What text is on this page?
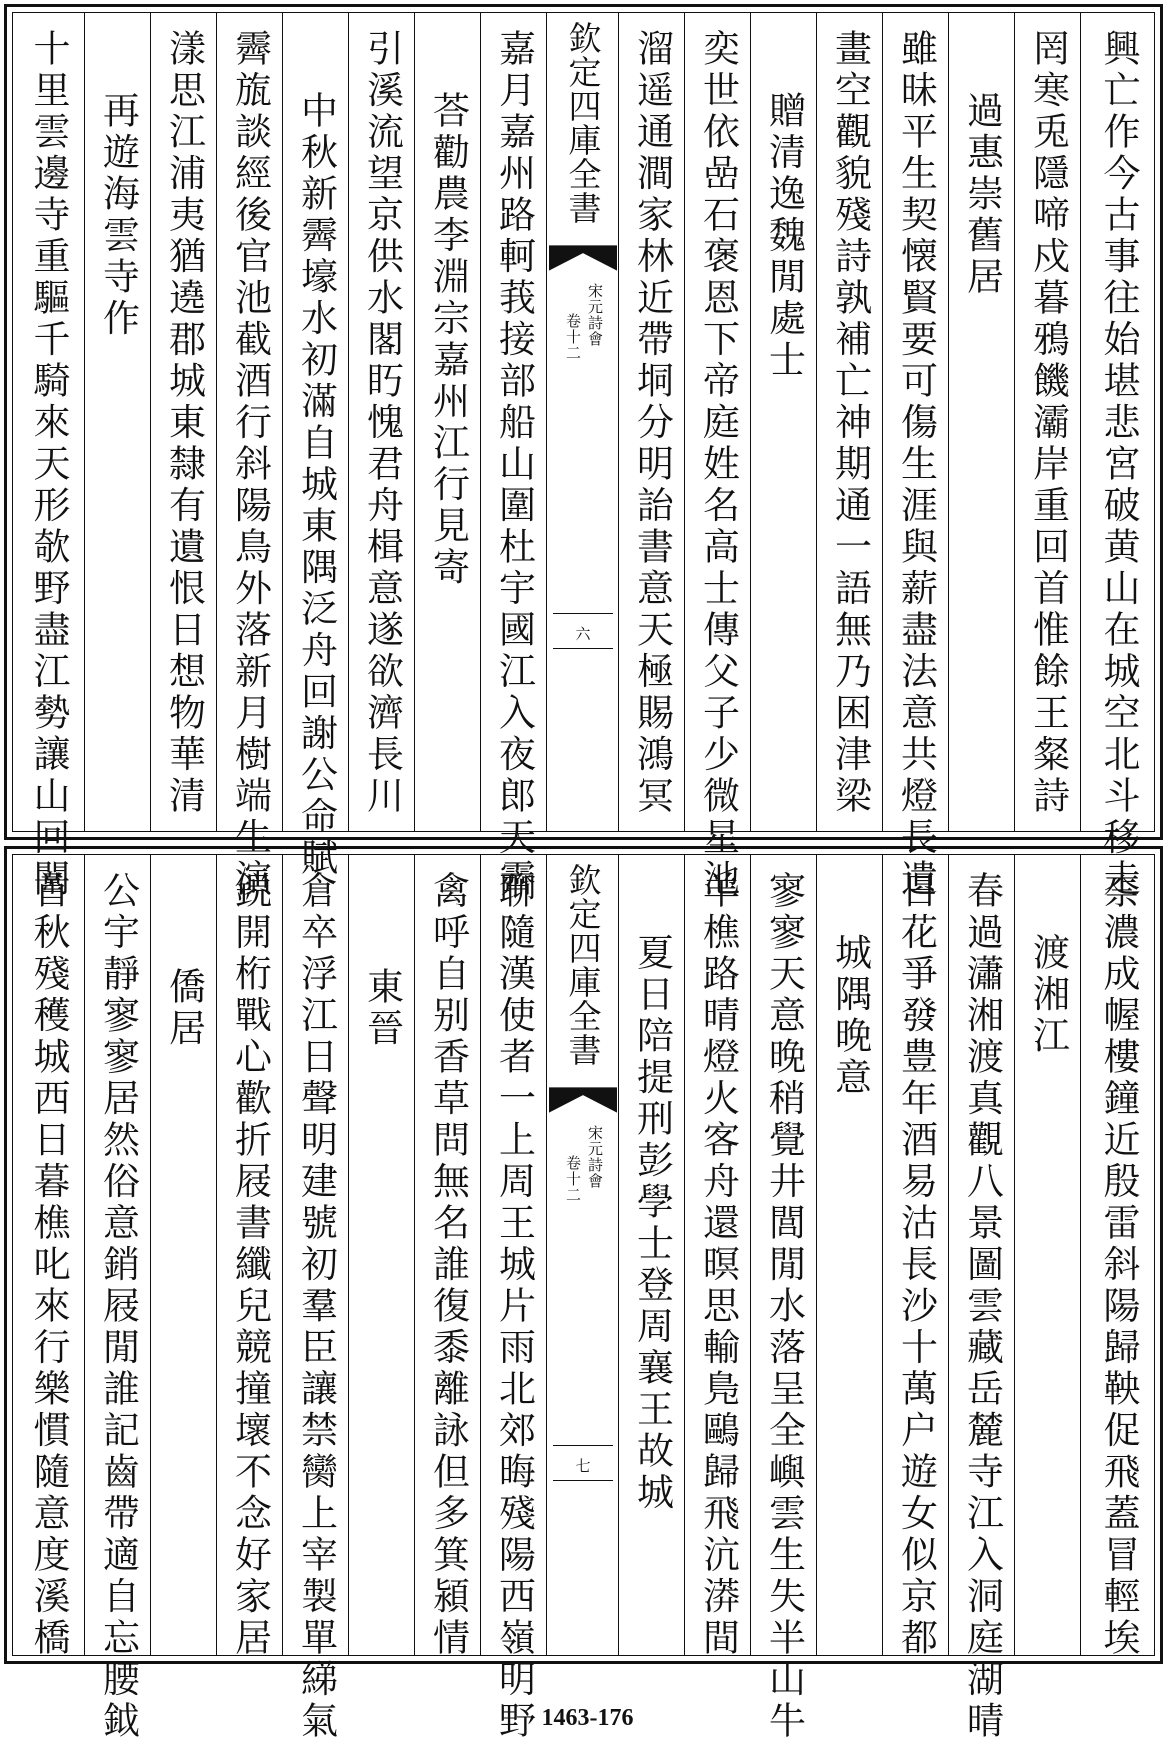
十里雲邊寺重驅千騎來天形欹野盡江勢讓山回闈 再遊海雲寺作 漾思江浦夷猶遶郡城東隸有遺恨日想物華清 霽旊談經後官池截酒行斜陽鳥外落新月樹端生演 中秋新霽壕水初滿自城東隅泛舟回謝公命賦 引溪流望京供水閣䀎愧君舟楫意遂欲濟長川 荅勸農李淵宗嘉州江行見寄 嘉月嘉州路軻莪接部船山圍杜宇國江入夜郎天霽 欽定四庫全書
宋元詩會
卷十二
六 溜遥通澗家林近帶垌分明詒書意天極賜鴻冥 奕世依嵒石褒恩下帝庭姓名高士傳父子少微星池 贈清逸魏閒處士 畫空觀貌殘詩孰補亡神期通一語無乃困津梁 雖昧平生契懐賢要可傷生涯與薪盡法意共燈長遺 過惠崇舊居 罔寒兎隱啼戍暮鴉饑灞岸重回首惟餘王粲詩 興亡作今古事往始堪悲宮破黄山在城空北斗移走
首秋殘穫城西日暮樵叱來行樂慣隨意度溪橋 公宇靜寥寥居然俗意銷屐閒誰記齒帶適自忘腰鉞 僑居 鋭開桁戰心歡折屐書纖兒競撞壞不念好家居 倉卒浮江日聲明建號初羣臣讓禁臠上宰製單綈氣 東晉 禽呼自别香草問無名誰復黍離詠但多箕潁情 聊隨漢使者一上周王城片雨北郊晦殘陽西嶺明野 欽定四庫全書
宋元詩會
卷十二
七 夏日陪提刑彭學士登周襄王故城 羊樵路晴燈火客舟還暝思輸鳬鷗歸飛沆漭間 寥寥天意晚稍覺井閭閒水落呈全嶼雲生失半山牛 城隅晚意 日花爭發豊年酒易沽長沙十萬户遊女似京都 春過瀟湘渡真觀八景圖雲藏岳麓寺江入洞庭湖晴 渡湘江 柰濃成幄樓鐘近殷雷斜陽歸鞅促飛蓋冒輕埃
1463-176
